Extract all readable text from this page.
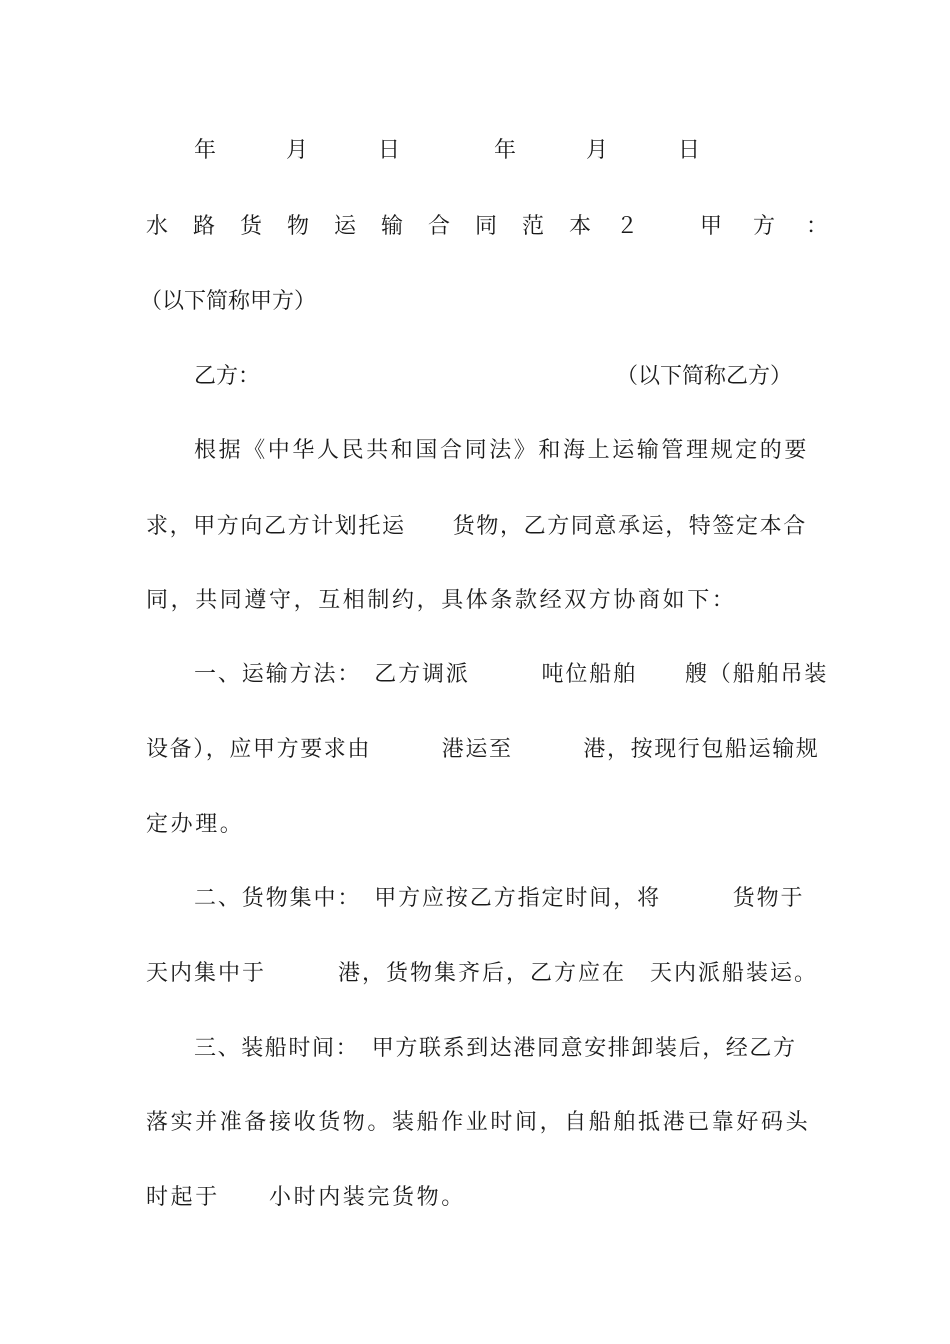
年　月　日	年　月　日
水路货物运输合同范本２ 甲方：
（以下简称甲方）
乙方：	（以下简称乙方）
根据《中华人民共和国合同法》和海上运输管理规定的要
求，甲方向乙方计划托运　　货物，乙方同意承运，特签定本合
同，共同遵守，互相制约，具体条款经双方协商如下：
一、运输方法：　乙方调派　　　吨位船舶　　艘（船舶吊装
设备），应甲方要求由　　　港运至　　　港，按现行包船运输规
定办理。
二、货物集中：　甲方应按乙方指定时间，将　　　货物于
天内集中于　　　港，货物集齐后，乙方应在　天内派船装运。
三、装船时间：　甲方联系到达港同意安排卸装后，经乙方
落实并准备接收货物。装船作业时间，自船舶抵港已靠好码头
时起于　　小时内装完货物。
